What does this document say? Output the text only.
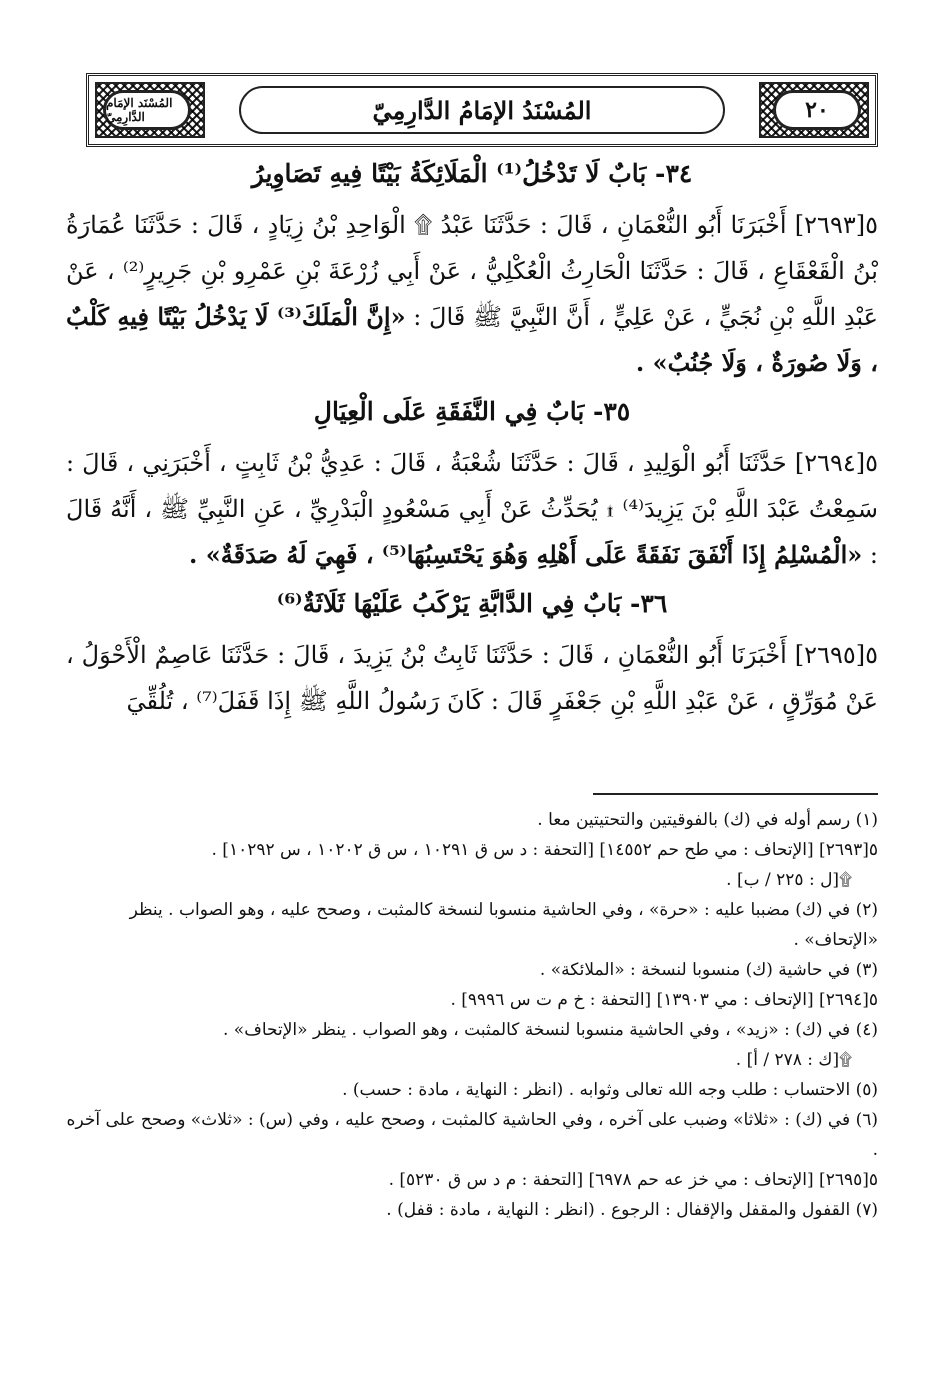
المُسْنَد الإمَام الدَّارِمِيّ	٢٠
المُسْنَدُ الإمَامُ الدَّارِمِيّ
٣٤- بَابٌ لَا تَدْخُلُ⁽¹⁾ الْمَلَائِكَةُ بَيْتًا فِيهِ تَصَاوِيرُ

٥[٢٦٩٣] أَخْبَرَنَا أَبُو النُّعْمَانِ ، قَالَ : حَدَّثَنَا عَبْدُ ۩ الْوَاحِدِ بْنُ زِيَادٍ ، قَالَ : حَدَّثَنَا عُمَارَةُ بْنُ الْقَعْقَاعِ ، قَالَ : حَدَّثَنَا الْحَارِثُ الْعُكْلِيُّ ، عَنْ أَبِي زُرْعَةَ بْنِ عَمْرِو بْنِ جَرِيرٍ⁽²⁾ ، عَنْ عَبْدِ اللَّهِ بْنِ نُجَيٍّ ، عَنْ عَلِيٍّ ، أَنَّ النَّبِيَّ ﷺ قَالَ : «إِنَّ الْمَلَكَ⁽³⁾ لَا يَدْخُلُ بَيْتًا فِيهِ كَلْبٌ ، وَلَا صُورَةٌ ، وَلَا جُنُبٌ» .

٣٥- بَابٌ فِي النَّفَقَةِ عَلَى الْعِيَالِ

٥[٢٦٩٤] حَدَّثَنَا أَبُو الْوَلِيدِ ، قَالَ : حَدَّثَنَا شُعْبَةُ ، قَالَ : عَدِيُّ بْنُ ثَابِتٍ ، أَخْبَرَنِي ، قَالَ : سَمِعْتُ عَبْدَ اللَّهِ بْنَ يَزِيدَ⁽⁴⁾ ۩ يُحَدِّثُ عَنْ أَبِي مَسْعُودٍ الْبَدْرِيِّ ، عَنِ النَّبِيِّ ﷺ ، أَنَّهُ قَالَ : «الْمُسْلِمُ إِذَا أَنْفَقَ نَفَقَةً عَلَى أَهْلِهِ وَهُوَ يَحْتَسِبُهَا⁽⁵⁾ ، فَهِيَ لَهُ صَدَقَةٌ» .

٣٦- بَابٌ فِي الدَّابَّةِ يَرْكَبُ عَلَيْهَا ثَلَاثَةٌ⁽⁶⁾

٥[٢٦٩٥] أَخْبَرَنَا أَبُو النُّعْمَانِ ، قَالَ : حَدَّثَنَا ثَابِتُ بْنُ يَزِيدَ ، قَالَ : حَدَّثَنَا عَاصِمٌ الْأَحْوَلُ ، عَنْ مُوَرِّقٍ ، عَنْ عَبْدِ اللَّهِ بْنِ جَعْفَرٍ قَالَ : كَانَ رَسُولُ اللَّهِ ﷺ إِذَا قَفَلَ⁽⁷⁾ ، تُلُقِّيَ

(١) رسم أوله في (ك) بالفوقيتين والتحتيتين معا .

٥[٢٦٩٣] [الإتحاف : مي طح حم ١٤٥٥٢] [التحفة : د س ق ١٠٢٩١ ، س ق ١٠٢٠٢ ، س ١٠٢٩٢] .

۩[ل : ٢٢٥ / ب] .

(٢) في (ك) مضببا عليه : «حرة» ، وفي الحاشية منسوبا لنسخة كالمثبت ، وصحح عليه ، وهو الصواب . ينظر «الإتحاف» .

(٣) في حاشية (ك) منسوبا لنسخة : «الملائكة» .

٥[٢٦٩٤] [الإتحاف : مي ١٣٩٠٣] [التحفة : خ م ت س ٩٩٩٦] .

(٤) في (ك) : «زيد» ، وفي الحاشية منسوبا لنسخة كالمثبت ، وهو الصواب . ينظر «الإتحاف» .

۩[ك : ٢٧٨ / أ] .

(٥) الاحتساب : طلب وجه الله تعالى وثوابه . (انظر : النهاية ، مادة : حسب) .

(٦) في (ك) : «ثلاثا» وضبب على آخره ، وفي الحاشية كالمثبت ، وصحح عليه ، وفي (س) : «ثلاث» وصحح على آخره .

٥[٢٦٩٥] [الإتحاف : مي خز عه حم ٦٩٧٨] [التحفة : م د س ق ٥٢٣٠] .

(٧) القفول والمقفل والإقفال : الرجوع . (انظر : النهاية ، مادة : قفل) .
